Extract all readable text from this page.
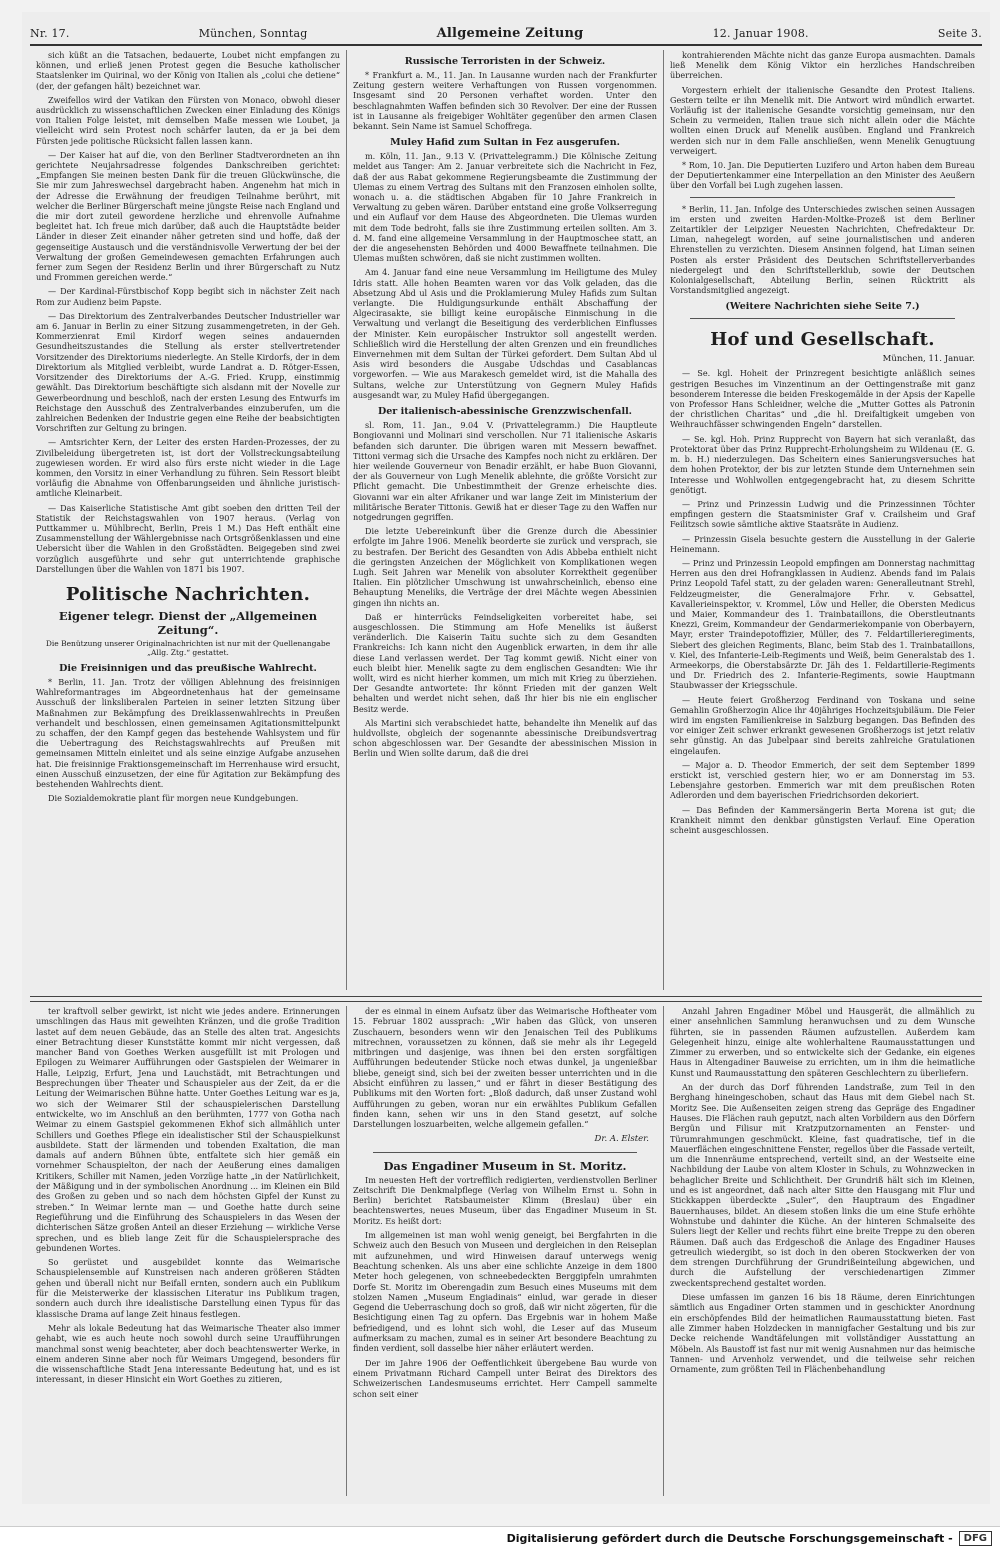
Nr. 17.	München, Sonntag	Allgemeine Zeitung	12. Januar 1908.	Seite 3.

sich küßt an die Tatsachen, bedauerte, Loubet nicht empfangen zu können, und erließ jenen Protest gegen die Besuche katholischer Staatslenker im Quirinal, wo der König von Italien als „colui che detiene“ (der, der gefangen hält) bezeichnet war.

Zweifellos wird der Vatikan den Fürsten von Monaco, obwohl dieser ausdrücklich zu wissenschaftlichen Zwecken einer Einladung des Königs von Italien Folge leistet, mit demselben Maße messen wie Loubet, ja vielleicht wird sein Protest noch schärfer lauten, da er ja bei dem Fürsten jede politische Rücksicht fallen lassen kann.

— Der Kaiser hat auf die, von den Berliner Stadtverordneten an ihn gerichtete Neujahrsadresse folgendes Dankschreiben gerichtet: „Empfangen Sie meinen besten Dank für die treuen Glückwünsche, die Sie mir zum Jahreswechsel dargebracht haben. Angenehm hat mich in der Adresse die Erwähnung der freudigen Teilnahme berührt, mit welcher die Berliner Bürgerschaft meine jüngste Reise nach England und die mir dort zuteil gewordene herzliche und ehrenvolle Aufnahme begleitet hat. Ich freue mich darüber, daß auch die Hauptstädte beider Länder in dieser Zeit einander näher getreten sind und hoffe, daß der gegenseitige Austausch und die verständnisvolle Verwertung der bei der Verwaltung der großen Gemeindewesen gemachten Erfahrungen auch ferner zum Segen der Residenz Berlin und ihrer Bürgerschaft zu Nutz und Frommen gereichen werde.“

— Der Kardinal-Fürstbischof Kopp begibt sich in nächster Zeit nach Rom zur Audienz beim Papste.

— Das Direktorium des Zentralverbandes Deutscher Industrieller war am 6. Januar in Berlin zu einer Sitzung zusammengetreten, in der Geh. Kommerzienrat Emil Kirdorf wegen seines andauernden Gesundheitszustandes die Stellung als erster stellvertretender Vorsitzender des Direktoriums niederlegte. An Stelle Kirdorfs, der in dem Direktorium als Mitglied verbleibt, wurde Landrat a. D. Rötger-Essen, Vorsitzender des Direktoriums der A.-G. Fried. Krupp, einstimmig gewählt. Das Direktorium beschäftigte sich alsdann mit der Novelle zur Gewerbeordnung und beschloß, nach der ersten Lesung des Entwurfs im Reichstage den Ausschuß des Zentralverbandes einzuberufen, um die zahlreichen Bedenken der Industrie gegen eine Reihe der beabsichtigten Vorschriften zur Geltung zu bringen.

— Amtsrichter Kern, der Leiter des ersten Harden-Prozesses, der zu Zivilbeleidung übergetreten ist, ist dort der Vollstreckungsabteilung zugewiesen worden. Er wird also fürs erste nicht wieder in die Lage kommen, den Vorsitz in einer Verhandlung zu führen. Sein Ressort bleibt vorläufig die Abnahme von Offenbarungseiden und ähnliche juristisch-amtliche Kleinarbeit.

— Das Kaiserliche Statistische Amt gibt soeben den dritten Teil der Statistik der Reichstagswahlen von 1907 heraus. (Verlag von Puttkammer u. Mühlbrecht, Berlin, Preis 1 M.) Das Heft enthält eine Zusammenstellung der Wählergebnisse nach Ortsgrößenklassen und eine Uebersicht über die Wahlen in den Großstädten. Beigegeben sind zwei vorzüglich ausgeführte und sehr gut unterrichtende graphische Darstellungen über die Wahlen von 1871 bis 1907.

Politische Nachrichten.
Eigener telegr. Dienst der „Allgemeinen Zeitung“.
Die Benützung unserer Originalnachrichten ist nur mit der Quellenangabe „Allg. Ztg.“ gestattet.
Die Freisinnigen und das preußische Wahlrecht.

* Berlin, 11. Jan. Trotz der völligen Ablehnung des freisinnigen Wahlreformantrages im Abgeordnetenhaus hat der gemeinsame Ausschuß der linksliberalen Parteien in seiner letzten Sitzung über Maßnahmen zur Bekämpfung des Dreiklassenwahlrechts in Preußen verhandelt und beschlossen, einen gemeinsamen Agitationsmittelpunkt zu schaffen, der den Kampf gegen das bestehende Wahlsystem und für die Uebertragung des Reichstagswahlrechts auf Preußen mit gemeinsamen Mitteln einleitet und als seine einzige Aufgabe anzusehen hat. Die freisinnige Fraktionsgemeinschaft im Herrenhause wird ersucht, einen Ausschuß einzusetzen, der eine für Agitation zur Bekämpfung des bestehenden Wahlrechts dient.

Die Sozialdemokratie plant für morgen neue Kundgebungen.

Russische Terroristen in der Schweiz.

* Frankfurt a. M., 11. Jan. In Lausanne wurden nach der Frankfurter Zeitung gestern weitere Verhaftungen von Russen vorgenommen. Insgesamt sind 20 Personen verhaftet worden. Unter den beschlagnahmten Waffen befinden sich 30 Revolver. Der eine der Russen ist in Lausanne als freigebiger Wohltäter gegenüber den armen Clasen bekannt. Sein Name ist Samuel Schoffrega.

Muley Hafid zum Sultan in Fez ausgerufen.

m. Köln, 11. Jan., 9.13 V. (Privattelegramm.) Die Kölnische Zeitung meldet aus Tanger: Am 2. Januar verbreitete sich die Nachricht in Fez, daß der aus Rabat gekommene Regierungsbeamte die Zustimmung der Ulemas zu einem Vertrag des Sultans mit den Franzosen einholen sollte, wonach u. a. die städtischen Abgaben für 10 Jahre Frankreich in Verwaltung zu geben wären. Darüber entstand eine große Volkserregung und ein Auflauf vor dem Hause des Abgeordneten. Die Ulemas wurden mit dem Tode bedroht, falls sie ihre Zustimmung erteilen sollten. Am 3. d. M. fand eine allgemeine Versammlung in der Hauptmoschee statt, an der die angesehensten Behörden und 4000 Bewaffnete teilnahmen. Die Ulemas mußten schwören, daß sie nicht zustimmen wollten.

Am 4. Januar fand eine neue Versammlung im Heiligtume des Muley Idris statt. Alle hohen Beamten waren vor das Volk geladen, das die Absetzung Abd ul Asis und die Proklamierung Muley Hafids zum Sultan verlangte. Die Huldigungsurkunde enthält Abschaffung der Algecirasakte, sie billigt keine europäische Einmischung in die Verwaltung und verlangt die Beseitigung des verderblichen Einflusses der Minister. Kein europäischer Instruktor soll angestellt werden. Schließlich wird die Herstellung der alten Grenzen und ein freundliches Einvernehmen mit dem Sultan der Türkei gefordert. Dem Sultan Abd ul Asis wird besonders die Ausgabe Udschdas und Casablancas vorgeworfen. — Wie aus Marakesch gemeldet wird, ist die Mahalla des Sultans, welche zur Unterstützung von Gegnern Muley Hafids ausgesandt war, zu Muley Hafid übergegangen.

Der italienisch-abessinische Grenzzwischenfall.

sl. Rom, 11. Jan., 9.04 V. (Privattelegramm.) Die Hauptleute Bongiovanni und Molinari sind verschollen. Nur 71 italienische Askaris befanden sich darunter. Die übrigen waren mit Messern bewaffnet. Tittoni vermag sich die Ursache des Kampfes noch nicht zu erklären. Der hier weilende Gouverneur von Benadir erzählt, er habe Buon Giovanni, der als Gouverneur von Lugh Menelik ablehnte, die größte Vorsicht zur Pflicht gemacht. Die Unbestimmtheit der Grenze erheischte dies. Giovanni war ein alter Afrikaner und war lange Zeit im Ministerium der militärische Berater Tittonis. Gewiß hat er dieser Tage zu den Waffen nur notgedrungen gegriffen.

Die letzte Uebereinkunft über die Grenze durch die Abessinier erfolgte im Jahre 1906. Menelik beorderte sie zurück und versprach, sie zu bestrafen. Der Bericht des Gesandten von Adis Abbeba enthielt nicht die geringsten Anzeichen der Möglichkeit von Komplikationen wegen Lugh. Seit Jahren war Menelik von absoluter Korrektheit gegenüber Italien. Ein plötzlicher Umschwung ist unwahrscheinlich, ebenso eine Behauptung Meneliks, die Verträge der drei Mächte wegen Abessinien gingen ihn nichts an.

Daß er hinterrücks Feindseligkeiten vorbereitet habe, sei ausgeschlossen. Die Stimmung am Hofe Meneliks ist äußerst veränderlich. Die Kaiserin Taitu suchte sich zu dem Gesandten Frankreichs: Ich kann nicht den Augenblick erwarten, in dem ihr alle diese Land verlassen werdet. Der Tag kommt gewiß. Nicht einer von euch bleibt hier. Menelik sagte zu dem englischen Gesandten: Wie ihr wollt, wird es nicht hierher kommen, um mich mit Krieg zu überziehen. Der Gesandte antwortete: Ihr könnt Frieden mit der ganzen Welt behalten und werdet nicht sehen, daß Ihr hier bis nie ein englischer Besitz werde.

Als Martini sich verabschiedet hatte, behandelte ihn Menelik auf das huldvollste, obgleich der sogenannte abessinische Dreibundsvertrag schon abgeschlossen war. Der Gesandte der abessinischen Mission in Berlin und Wien sollte darum, daß die drei

kontrahierenden Mächte nicht das ganze Europa ausmachten. Damals ließ Menelik dem König Viktor ein herzliches Handschreiben überreichen.

Vorgestern erhielt der italienische Gesandte den Protest Italiens. Gestern teilte er ihn Menelik mit. Die Antwort wird mündlich erwartet. Vorläufig ist der italienische Gesandte vorsichtig gemeinsam, nur den Schein zu vermeiden, Italien traue sich nicht allein oder die Mächte wollten einen Druck auf Menelik ausüben. England und Frankreich werden sich nur in dem Falle anschließen, wenn Menelik Genugtuung verweigert.

* Rom, 10. Jan. Die Deputierten Luzifero und Arton haben dem Bureau der Deputiertenkammer eine Interpellation an den Minister des Aeußern über den Vorfall bei Lugh zugehen lassen.

* Berlin, 11. Jan. Infolge des Unterschiedes zwischen seinen Aussagen im ersten und zweiten Harden-Moltke-Prozeß ist dem Berliner Zeitartikler der Leipziger Neuesten Nachrichten, Chefredakteur Dr. Liman, nahegelegt worden, auf seine journalistischen und anderen Ehrenstellen zu verzichten. Diesem Ansinnen folgend, hat Liman seinen Posten als erster Präsident des Deutschen Schriftstellerverbandes niedergelegt und den Schriftstellerklub, sowie der Deutschen Kolonialgesellschaft, Abteilung Berlin, seinen Rücktritt als Vorstandsmitglied angezeigt.

(Weitere Nachrichten siehe Seite 7.)
Hof und Gesellschaft.
München, 11. Januar.

— Se. kgl. Hoheit der Prinzregent besichtigte anläßlich seines gestrigen Besuches im Vinzentinum an der Oettingenstraße mit ganz besonderem Interesse die beiden Freskogemälde in der Apsis der Kapelle von Professor Hans Schleidner, welche die „Mutter Gottes als Patronin der christlichen Charitas“ und „die hl. Dreifaltigkeit umgeben von Weihrauchfässer schwingenden Engeln“ darstellen.

— Se. kgl. Hoh. Prinz Rupprecht von Bayern hat sich veranlaßt, das Protektorat über das Prinz Rupprecht-Erholungsheim zu Wildenau (E. G. m. b. H.) niederzulegen. Das Scheitern eines Sanierungsversuches hat dem hohen Protektor, der bis zur letzten Stunde dem Unternehmen sein Interesse und Wohlwollen entgegengebracht hat, zu diesem Schritte genötigt.

— Prinz und Prinzessin Ludwig und die Prinzessinnen Töchter empfingen gestern die Staatsminister Graf v. Crailsheim und Graf Feilitzsch sowie sämtliche aktive Staatsräte in Audienz.

— Prinzessin Gisela besuchte gestern die Ausstellung in der Galerie Heinemann.

— Prinz und Prinzessin Leopold empfingen am Donnerstag nachmittag Herren aus den drei Hofrangklassen in Audienz. Abends fand im Palais Prinz Leopold Tafel statt, zu der geladen waren: Generalleutnant Strehl, Feldzeugmeister, die Generalmajore Frhr. v. Gebsattel, Kavallerieinspektor, v. Krommel, Löw und Heller, die Obersten Medicus und Maier, Kommandeur des 1. Trainbataillons, die Oberstleutnants Knezzi, Greim, Kommandeur der Gendarmeriekompanie von Oberbayern, Mayr, erster Traindepotoffizier, Müller, des 7. Feldartillerieregiments, Siebert des gleichen Regiments, Blanc, beim Stab des 1. Trainbataillons, v. Kiel, des Infanterie-Leib-Regiments und Weiß, beim Generalstab des 1. Armeekorps, die Oberstabsärzte Dr. Jäh des 1. Feldartillerie-Regiments und Dr. Friedrich des 2. Infanterie-Regiments, sowie Hauptmann Staubwasser der Kriegsschule.

— Heute feiert Großherzog Ferdinand von Toskana und seine Gemahlin Großherzogin Alice ihr 40jähriges Hochzeitsjubiläum. Die Feier wird im engsten Familienkreise in Salzburg begangen. Das Befinden des vor einiger Zeit schwer erkrankt gewesenen Großherzogs ist jetzt relativ sehr günstig. An das Jubelpaar sind bereits zahlreiche Gratulationen eingelaufen.

— Major a. D. Theodor Emmerich, der seit dem September 1899 erstickt ist, verschied gestern hier, wo er am Donnerstag im 53. Lebensjahre gestorben. Emmerich war mit dem preußischen Roten Adlerorden und dem bayerischen Friedrichsorden dekoriert.

— Das Befinden der Kammersängerin Berta Morena ist gut; die Krankheit nimmt den denkbar günstigsten Verlauf. Eine Operation scheint ausgeschlossen.

ter kraftvoll selber gewirkt, ist nicht wie jedes andere. Erinnerungen umschlingen das Haus mit geweihten Kränzen, und die große Tradition lastet auf dem neuen Gebäude, das an Stelle des alten trat. Angesichts einer Betrachtung dieser Kunststätte kommt mir nicht vergessen, daß mancher Band von Goethes Werken ausgefüllt ist mit Prologen und Epilogen zu Weimarer Aufführungen oder Gastspielen der Weimarer in Halle, Leipzig, Erfurt, Jena und Lauchstädt, mit Betrachtungen und Besprechungen über Theater und Schauspieler aus der Zeit, da er die Leitung der Weimarischen Bühne hatte. Unter Goethes Leitung war es ja, wo sich der Weimarer Stil der schauspielerischen Darstellung entwickelte, wo im Anschluß an den berühmten, 1777 von Gotha nach Weimar zu einem Gastspiel gekommenen Ekhof sich allmählich unter Schillers und Goethes Pflege ein idealistischer Stil der Schauspielkunst ausbildete. Statt der lärmenden und tobenden Exaltation, die man damals auf andern Bühnen übte, entfaltete sich hier gemäß ein vornehmer Schauspielton, der nach der Aeußerung eines damaligen Kritikers, Schiller mit Namen, jeden Vorzüge hatte „in der Natürlichkeit, der Mäßigung und in der symbolischen Anordnung ... im Kleinen ein Bild des Großen zu geben und so nach dem höchsten Gipfel der Kunst zu streben.“ In Weimar lernte man — und Goethe hatte durch seine Regieführung und die Einführung des Schauspielers in das Wesen der dichterischen Sätze großen Anteil an dieser Erziehung — wirkliche Verse sprechen, und es blieb lange Zeit für die Schauspielersprache des gebundenen Wortes.

So gerüstet und ausgebildet konnte das Weimarische Schauspielensemble auf Kunstreisen nach anderen größeren Städten gehen und überall nicht nur Beifall ernten, sondern auch ein Publikum für die Meisterwerke der klassischen Literatur ins Publikum tragen, sondern auch durch ihre idealistische Darstellung einen Typus für das klassische Drama auf lange Zeit hinaus festlegen.

Mehr als lokale Bedeutung hat das Weimarische Theater also immer gehabt, wie es auch heute noch sowohl durch seine Uraufführungen manchmal sonst wenig beachteter, aber doch beachtenswerter Werke, in einem anderen Sinne aber noch für Weimars Umgegend, besonders für die wissenschaftliche Stadt Jena interessante Bedeutung hat, und es ist interessant, in dieser Hinsicht ein Wort Goethes zu zitieren,

der es einmal in einem Aufsatz über das Weimarische Hoftheater vom 15. Februar 1802 aussprach: „Wir haben das Glück, von unseren Zuschauern, besonders wenn wir den Jenaischen Teil des Publikums mitrechnen, voraussetzen zu können, daß sie mehr als ihr Legegeld mitbringen und dasjenige, was ihnen bei den ersten sorgfältigen Aufführungen bedeutender Stücke noch etwas dunkel, ja ungenießbar bliebe, geneigt sind, sich bei der zweiten besser unterrichten und in die Absicht einführen zu lassen,“ und er fährt in dieser Bestätigung des Publikums mit den Worten fort: „Bloß dadurch, daß unser Zustand wohl Aufführungen zu geben, woran nur ein erwähltes Publikum Gefallen finden kann, sehen wir uns in den Stand gesetzt, auf solche Darstellungen loszuarbeiten, welche allgemein gefallen.“

Dr. A. Elster.
Das Engadiner Museum in St. Moritz.

Im neuesten Heft der vortrefflich redigierten, verdienstvollen Berliner Zeitschrift Die Denkmalpflege (Verlag von Wilhelm Ernst u. Sohn in Berlin) berichtet Ratsbaumeister Klimm (Breslau) über ein beachtenswertes, neues Museum, über das Engadiner Museum in St. Moritz. Es heißt dort:

Im allgemeinen ist man wohl wenig geneigt, bei Bergfahrten in die Schweiz auch den Besuch von Museen und dergleichen in den Reiseplan mit aufzunehmen, und wird Hinweisen darauf unterwegs wenig Beachtung schenken. Als uns aber eine schlichte Anzeige in dem 1800 Meter hoch gelegenen, von schneebedeckten Berggipfeln umrahmten Dorfe St. Moritz im Oberengadin zum Besuch eines Museums mit dem stolzen Namen „Museum Engiadinais“ einlud, war gerade in dieser Gegend die Ueberraschung doch so groß, daß wir nicht zögerten, für die Besichtigung einen Tag zu opfern. Das Ergebnis war in hohem Maße befriedigend, und es lohnt sich wohl, die Leser auf das Museum aufmerksam zu machen, zumal es in seiner Art besondere Beachtung zu finden verdient, soll dasselbe hier näher erläutert werden.

Der im Jahre 1906 der Oeffentlichkeit übergebene Bau wurde von einem Privatmann Richard Campell unter Beirat des Direktors des Schweizerischen Landesmuseums errichtet. Herr Campell sammelte schon seit einer

Anzahl Jahren Engadiner Möbel und Hausgerät, die allmählich zu einer ansehnlichen Sammlung heranwuchsen und zu dem Wunsche führten, sie in passenden Räumen aufzustellen. Außerdem kam Gelegenheit hinzu, einige alte wohlerhaltene Raumausstattungen und Zimmer zu erwerben, und so entwickelte sich der Gedanke, ein eigenes Haus in Altengadiner Bauweise zu errichten, um in ihm die heimatliche Kunst und Raumausstattung den späteren Geschlechtern zu überliefern.

An der durch das Dorf führenden Landstraße, zum Teil in den Berghang hineingeschoben, schaut das Haus mit dem Giebel nach St. Moritz See. Die Außenseiten zeigen streng das Gepräge des Engadiner Hauses. Die Flächen rauh geputzt, nach alten Vorbildern aus den Dörfern Bergün und Filisur mit Kratzputzornamenten an Fenster- und Türumrahmungen geschmückt. Kleine, fast quadratische, tief in die Mauerflächen eingeschnittene Fenster, regellos über die Fassade verteilt, um die Innenräume entsprechend, verteilt sind, an der Westseite eine Nachbildung der Laube von altem Kloster in Schuls, zu Wohnzwecken in behaglicher Breite und Schlichtheit. Der Grundriß hält sich im Kleinen, und es ist angeordnet, daß nach alter Sitte den Hausgang mit Flur und Stickkappen überdeckte „Suler“, den Hauptraum des Engadiner Bauernhauses, bildet. An diesem stoßen links die um eine Stufe erhöhte Wohnstube und dahinter die Küche. An der hinteren Schmalseite des Sulers liegt der Keller und rechts führt eine breite Treppe zu den oberen Räumen. Daß auch das Erdgeschoß die Anlage des Engadiner Hauses getreulich wiedergibt, so ist doch in den oberen Stockwerken der von dem strengen Durchführung der Grundrißeinteilung abgewichen, und durch die Aufstellung der verschiedenartigen Zimmer zweckentsprechend gestaltet worden.

Diese umfassen im ganzen 16 bis 18 Räume, deren Einrichtungen sämtlich aus Engadiner Orten stammen und in geschickter Anordnung ein erschöpfendes Bild der heimatlichen Raumausstattung bieten. Fast alle Zimmer haben Holzdecken in mannigfacher Gestaltung und bis zur Decke reichende Wandtäfelungen mit vollständiger Ausstattung an Möbeln. Als Baustoff ist fast nur mit wenig Ausnahmen nur das heimische Tannen- und Arvenholz verwendet, und die teilweise sehr reichen Ornamente, zum größten Teil in Flächenbehandlung

Digitalisierung gefördert durch die Deutsche Forschungsgemeinschaft -	DFG
